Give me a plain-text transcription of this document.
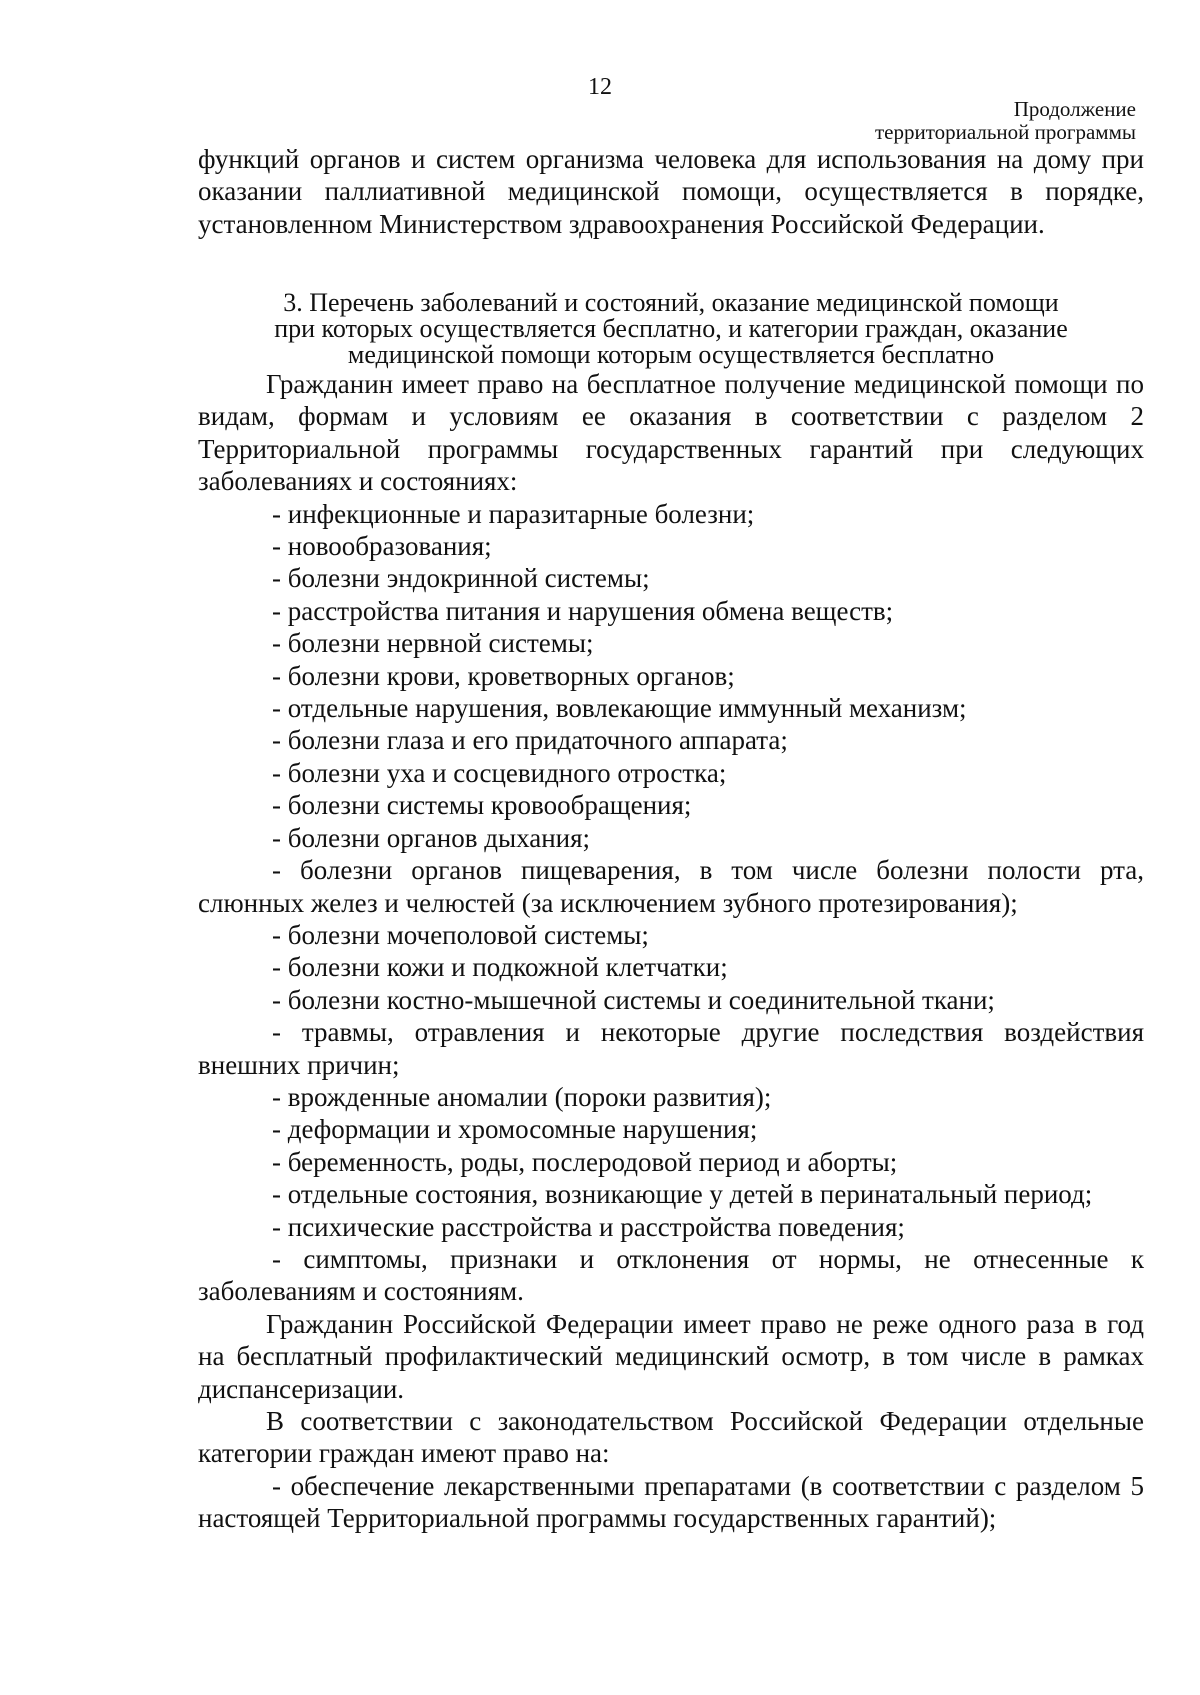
12
Продолжение
территориальной программы

функций органов и систем организма человека для использования на дому при оказании паллиативной медицинской помощи, осуществляется в порядке, установленном Министерством здравоохранения Российской Федерации.

3. Перечень заболеваний и состояний, оказание медицинской помощи
при которых осуществляется бесплатно, и категории граждан, оказание
медицинской помощи которым осуществляется бесплатно

Гражданин имеет право на бесплатное получение медицинской помощи по видам, формам и условиям ее оказания в соответствии с разделом 2 Территориальной программы государственных гарантий при следующих заболеваниях и состояниях:

- инфекционные и паразитарные болезни;

- новообразования;

- болезни эндокринной системы;

- расстройства питания и нарушения обмена веществ;

- болезни нервной системы;

- болезни крови, кроветворных органов;

- отдельные нарушения, вовлекающие иммунный механизм;

- болезни глаза и его придаточного аппарата;

- болезни уха и сосцевидного отростка;

- болезни системы кровообращения;

- болезни органов дыхания;

- болезни органов пищеварения, в том числе болезни полости рта, слюнных желез и челюстей (за исключением зубного протезирования);

- болезни мочеполовой системы;

- болезни кожи и подкожной клетчатки;

- болезни костно-мышечной системы и соединительной ткани;

- травмы, отравления и некоторые другие последствия воздействия внешних причин;

- врожденные аномалии (пороки развития);

- деформации и хромосомные нарушения;

- беременность, роды, послеродовой период и аборты;

- отдельные состояния, возникающие у детей в перинатальный период;

- психические расстройства и расстройства поведения;

- симптомы, признаки и отклонения от нормы, не отнесенные к заболеваниям и состояниям.

Гражданин Российской Федерации имеет право не реже одного раза в год на бесплатный профилактический медицинский осмотр, в том числе в рамках диспансеризации.

В соответствии с законодательством Российской Федерации отдельные категории граждан имеют право на:

- обеспечение лекарственными препаратами (в соответствии с разделом 5 настоящей Территориальной программы государственных гарантий);
